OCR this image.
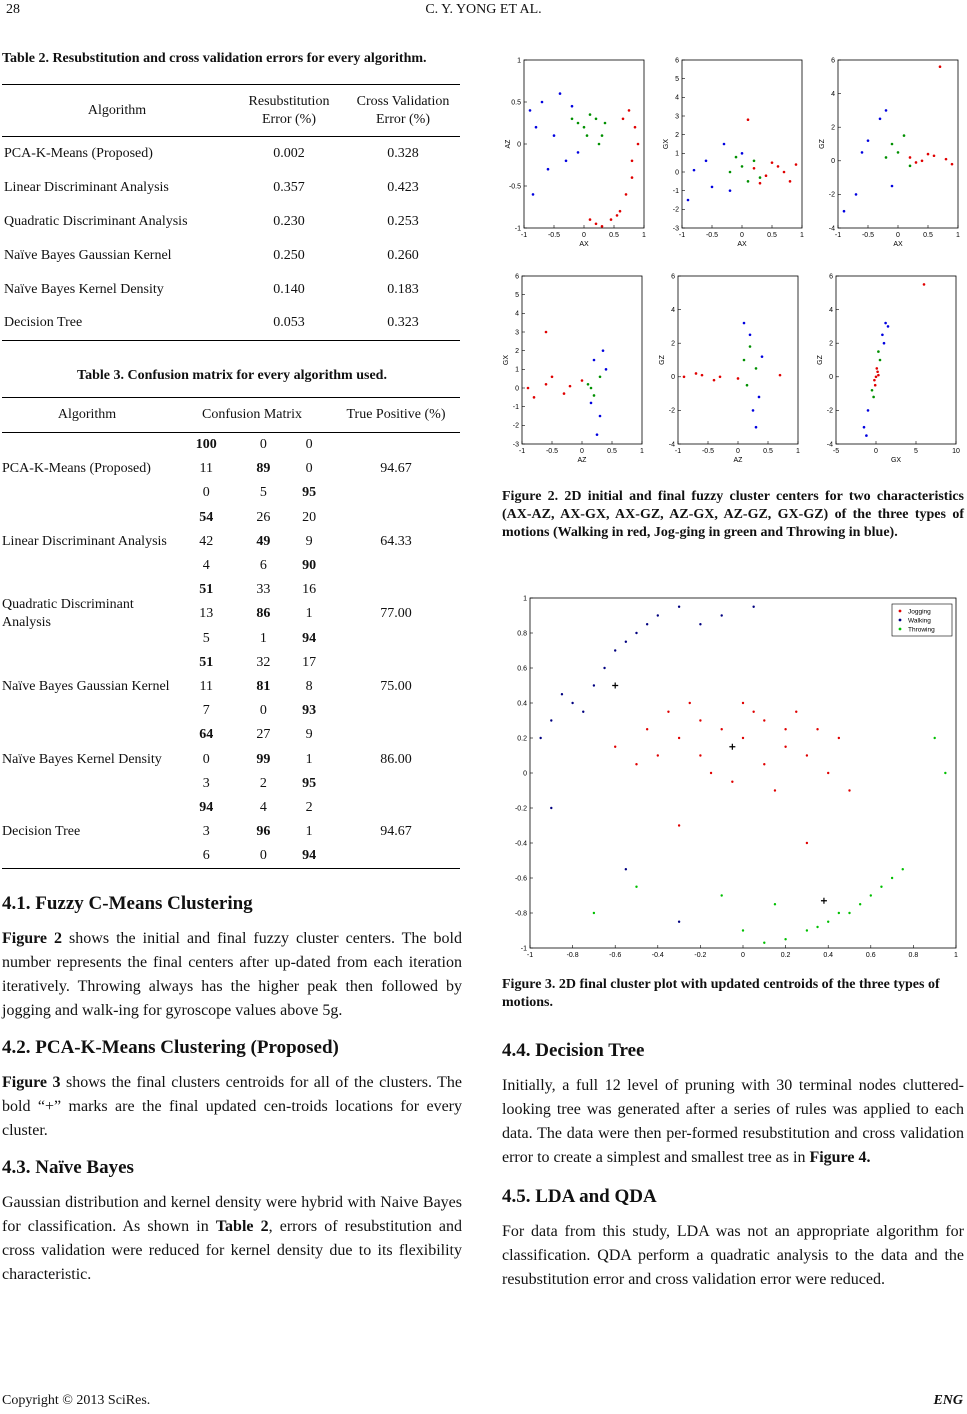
28	C. Y. YONG ET AL.
Table 2. Resubstitution and cross validation errors for every algorithm.
Algorithm	Resubstitution Error (%)	Cross Validation Error (%)
PCA-K-Means (Proposed)	0.002	0.328
Linear Discriminant Analysis	0.357	0.423
Quadratic Discriminant Analysis	0.230	0.253
Naïve Bayes Gaussian Kernel	0.250	0.260
Naïve Bayes Kernel Density	0.140	0.183
Decision Tree	0.053	0.323
Table 3. Confusion matrix for every algorithm used.
Algorithm	Confusion Matrix			True Positive (%)
PCA-K-Means (Proposed)	100	0	0	94.67
	11	89	0	
	0	5	95	
Linear Discriminant Analysis	54	26	20	64.33
	42	49	9	
	4	6	90	
Quadratic Discriminant Analysis	51	33	16	77.00
	13	86	1	
	5	1	94	
Naïve Bayes Gaussian Kernel	51	32	17	75.00
	11	81	8	
	7	0	93	
Naïve Bayes Kernel Density	64	27	9	86.00
	0	99	1	
	3	2	95	
Decision Tree	94	4	2	94.67
	3	96	1	
	6	0	94	
4.1. Fuzzy C-Means Clustering

Figure 2 shows the initial and final fuzzy cluster centers. The bold number represents the final centers after up-dated from each iteration iteratively. Throwing always has the higher peak then followed by jogging and walk-ing for gyroscope values above 5g.

4.2. PCA-K-Means Clustering (Proposed)

Figure 3 shows the final clusters centroids for all of the clusters. The bold “+” marks are the final updated cen-troids locations for every cluster.

4.3. Naïve Bayes

Gaussian distribution and kernel density were hybrid with Naive Bayes for classification. As shown in Table 2, errors of resubstitution and cross validation were reduced for kernel density due to its flexibility characteristic.

-1	-0.5	0	0.5	1
-1
-0.5
0
0.5
1
AX
AZ
-1	-0.5	0	0.5	1
-3
-2
-1
0
1
2
3
4
5
6
AX
GX
-1	-0.5	0	0.5	1
-4
-2
0
2
4
6
AX
GZ
-1	-0.5	0	0.5	1
-3
-2
-1
0
1
2
3
4
5
6
AZ
GX
-1	-0.5	0	0.5	1
-4
-2
0
2
4
6
AZ
GZ
-5	0	5	10
-4
-2
0
2
4
6
GX
GZ
Figure 2. 2D initial and final fuzzy cluster centers for two characteristics (AX-AZ, AX-GX, AX-GZ, AZ-GX, AZ-GZ, GX-GZ) of the three types of motions (Walking in red, Jog-ging in green and Throwing in blue).
-1	-0.8	-0.6	-0.4	-0.2	0	0.2	0.4	0.6	0.8	1
-1
-0.8
-0.6
-0.4
-0.2
0
0.2
0.4
0.6
0.8
1
Jogging
Walking
Throwing
Figure 3. 2D final cluster plot with updated centroids of the three types of motions.
4.4. Decision Tree

Initially, a full 12 level of pruning with 30 terminal nodes cluttered-looking tree was generated after a series of rules was applied to each data. The data were then per-formed resubstitution and cross validation error to create a simplest and smallest tree as in Figure 4.

4.5. LDA and QDA

For data from this study, LDA was not an appropriate algorithm for classification. QDA perform a quadratic analysis to the data and the resubstitution error and cross validation error were reduced.

Copyright © 2013 SciRes.	ENG
